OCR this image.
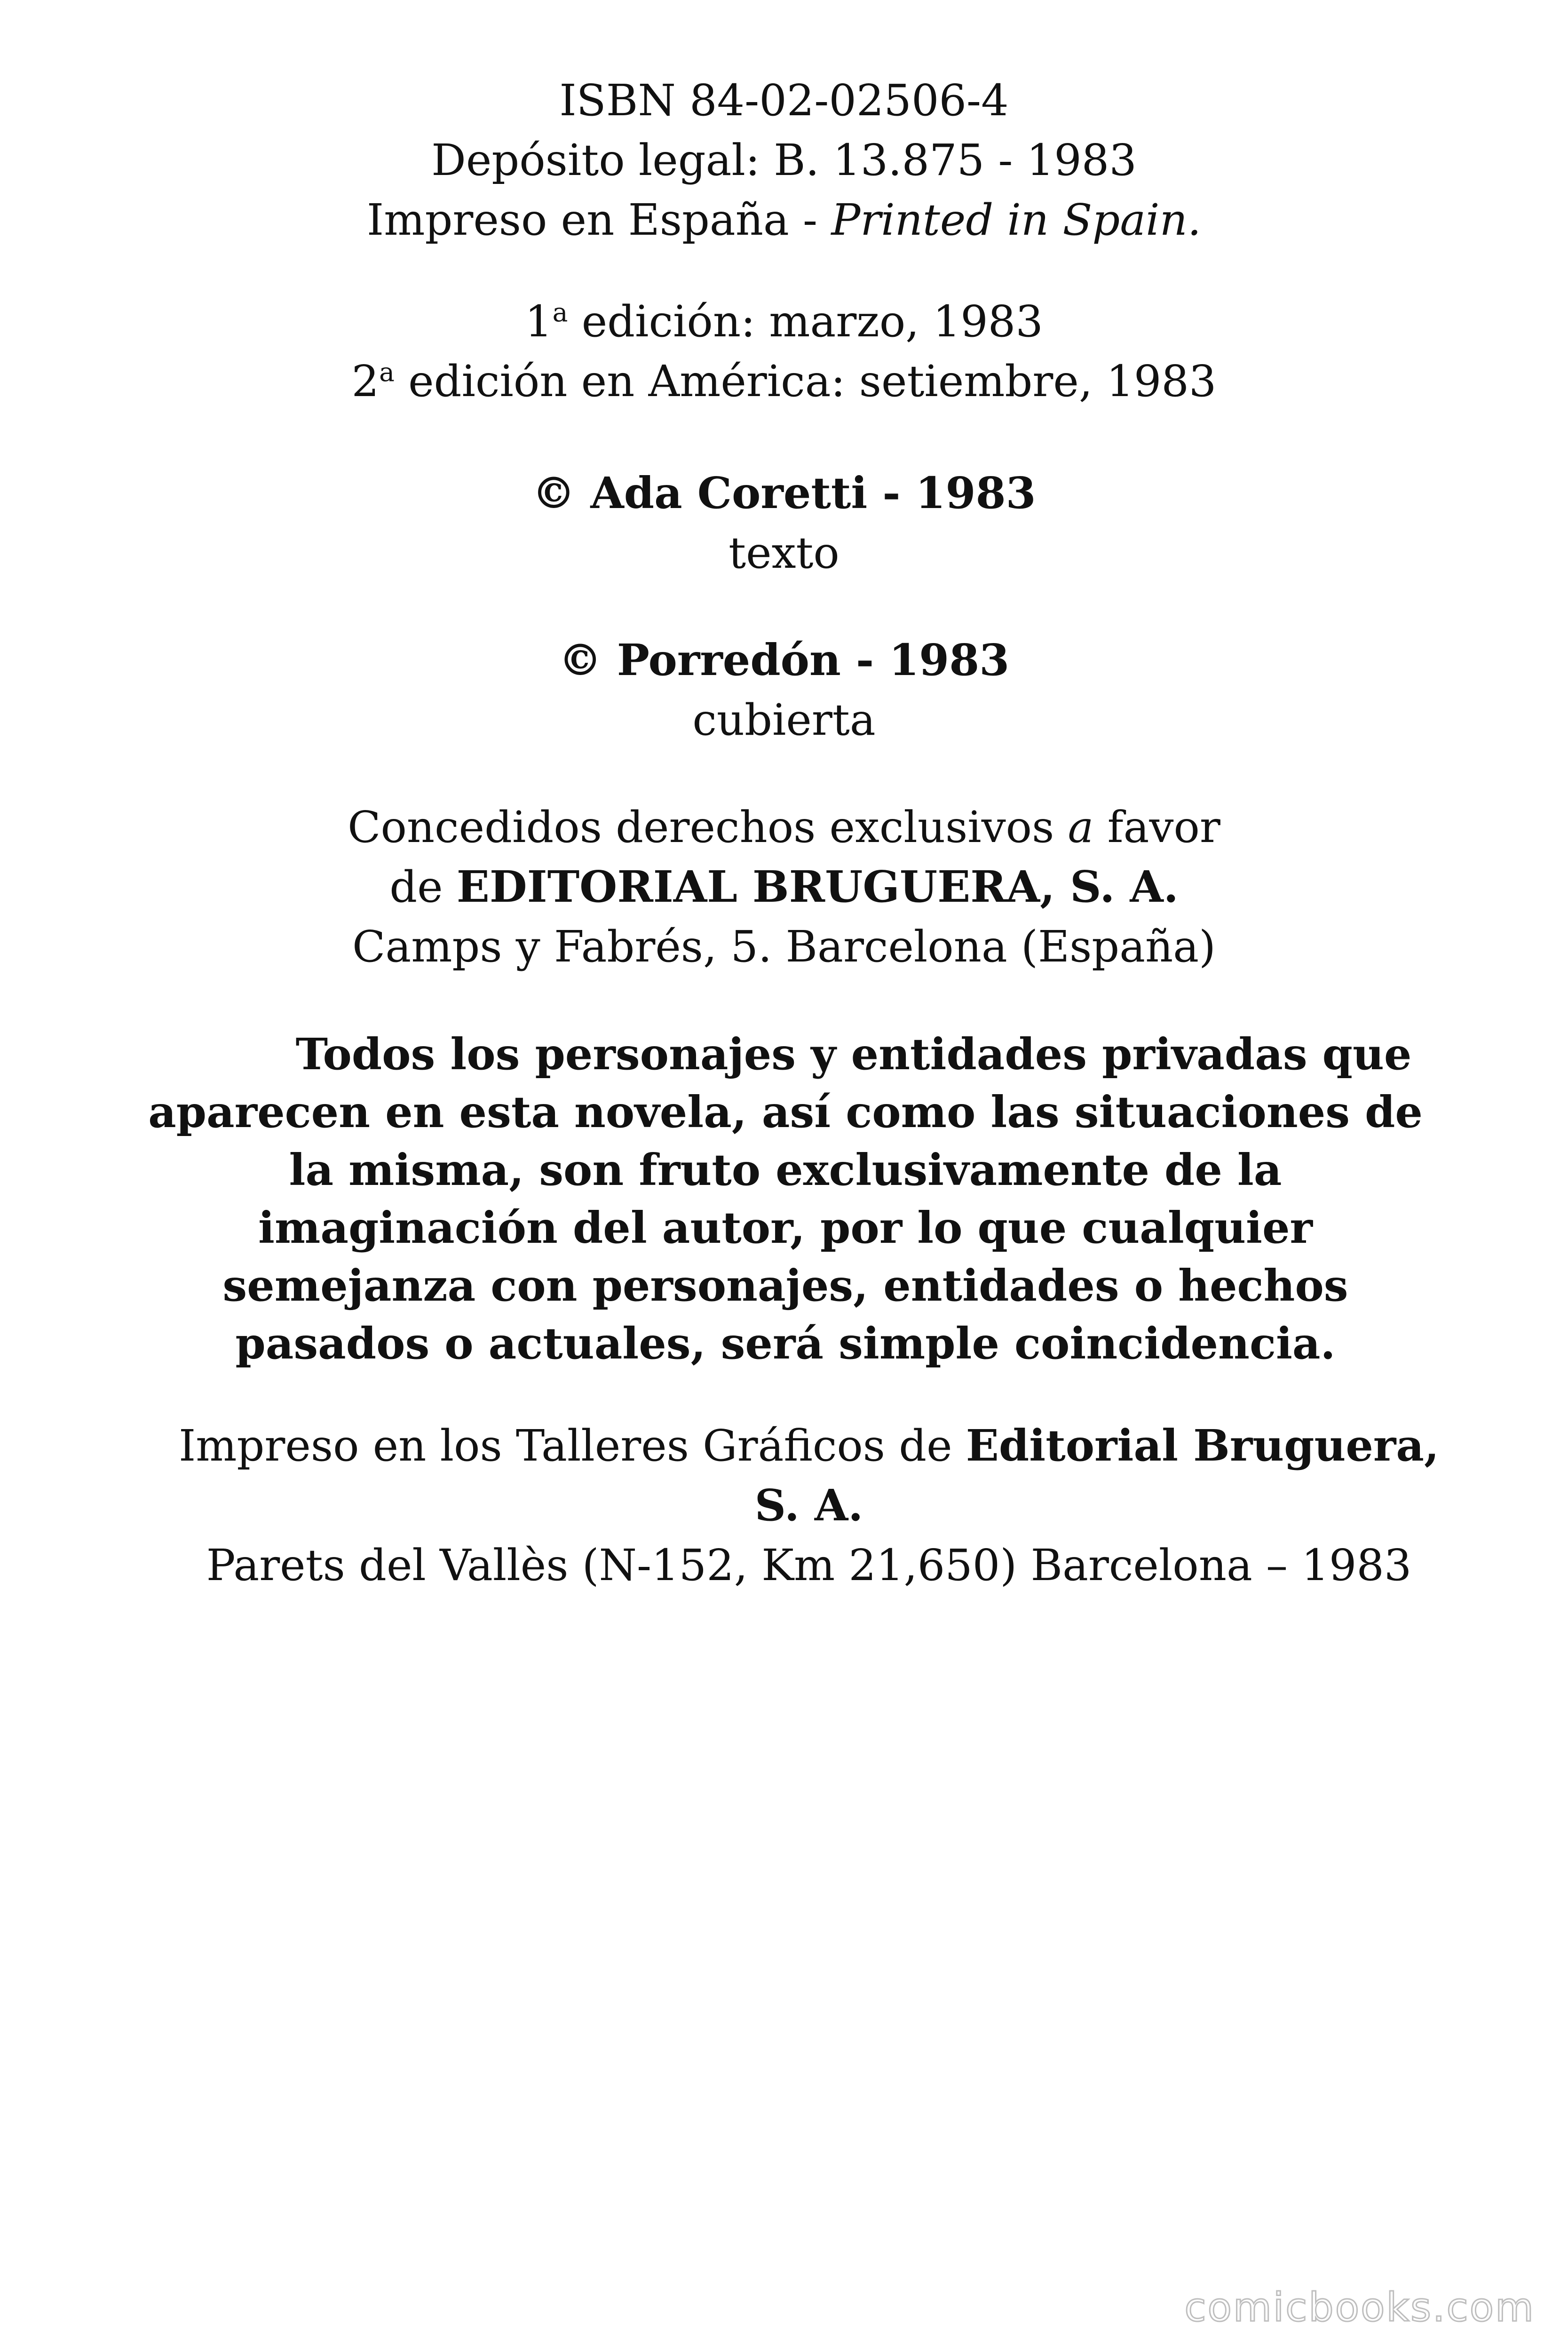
ISBN 84-02-02506-4
Depósito legal: B. 13.875 - 1983
Impreso en España - Printed in Spain.
1$^a$ edición: marzo, 1983
2$^a$ edición en América: setiembre, 1983
© Ada Coretti - 1983
texto
© Porredón - 1983
cubierta
Concedidos derechos exclusivos a favor
de EDITORIAL BRUGUERA, S. A.
Camps y Fabrés, 5. Barcelona (España)
Todos los personajes y entidades privadas que aparecen en esta novela, así como las situaciones de la misma, son fruto exclusivamente de la imaginación del autor, por lo que cualquier semejanza con personajes, entidades o hechos pasados o actuales, será simple coincidencia.
Impreso en los Talleres Gráficos de Editorial Bruguera, S. A.
Parets del Vallès (N-152, Km 21,650) Barcelona – 1983
comicbooks.com
